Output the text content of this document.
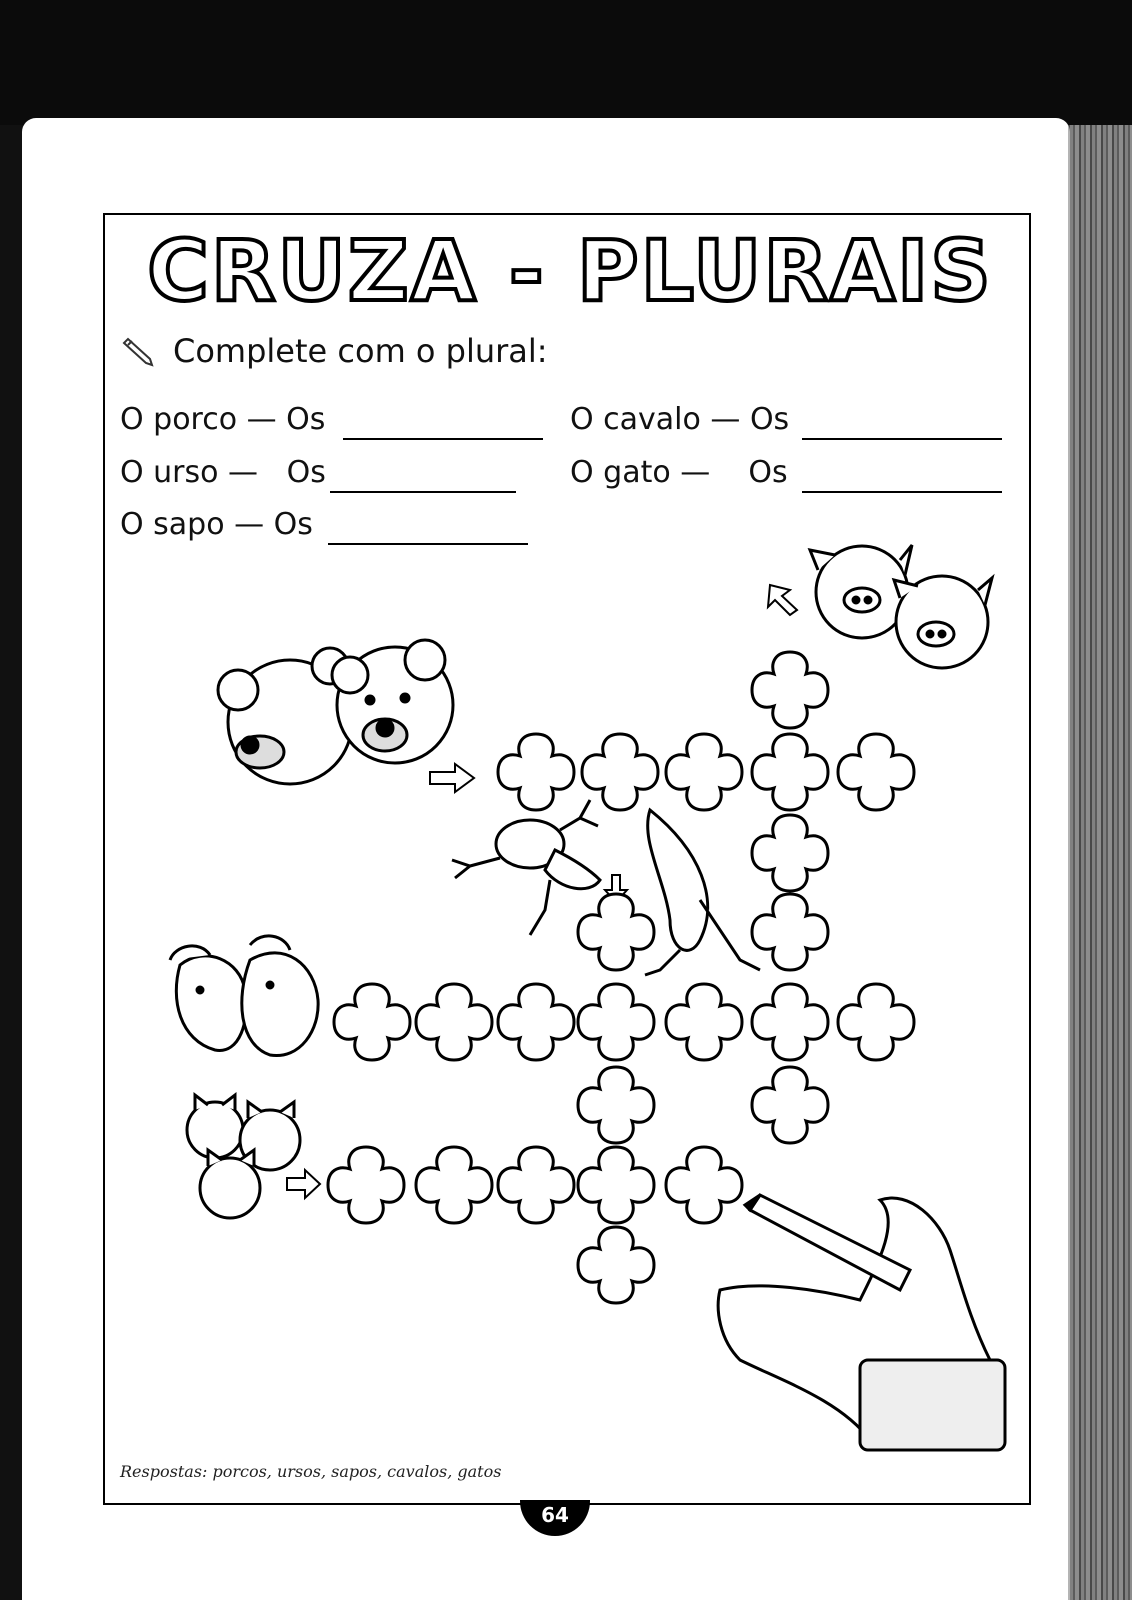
CRUZA - PLURAIS
Complete com o plural:
O porco — Os
O urso — Os
O sapo — Os
O cavalo — Os
O gato — Os
Respostas: porcos, ursos, sapos, cavalos, gatos
64
